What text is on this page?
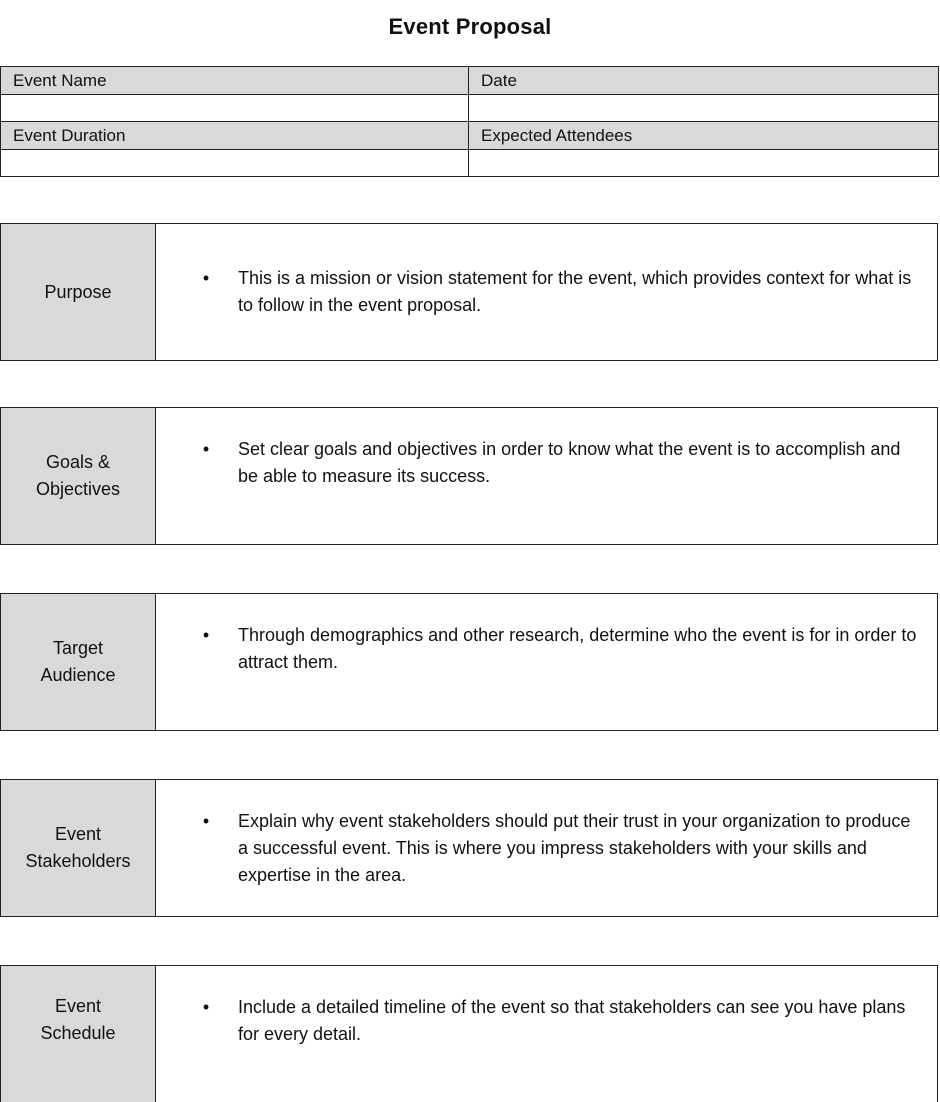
Event Proposal
Event Name	Date

Event Duration	Expected Attendees

Purpose
•	This is a mission or vision statement for the event, which provides context for what is to follow in the event proposal.
Goals &
Objectives
•	Set clear goals and objectives in order to know what the event is to accomplish and be able to measure its success.
Target
Audience
•	Through demographics and other research, determine who the event is for in order to attract them.
Event
Stakeholders
•	Explain why event stakeholders should put their trust in your organization to produce a successful event. This is where you impress stakeholders with your skills and expertise in the area.
Event
Schedule
•	Include a detailed timeline of the event so that stakeholders can see you have plans for every detail.
